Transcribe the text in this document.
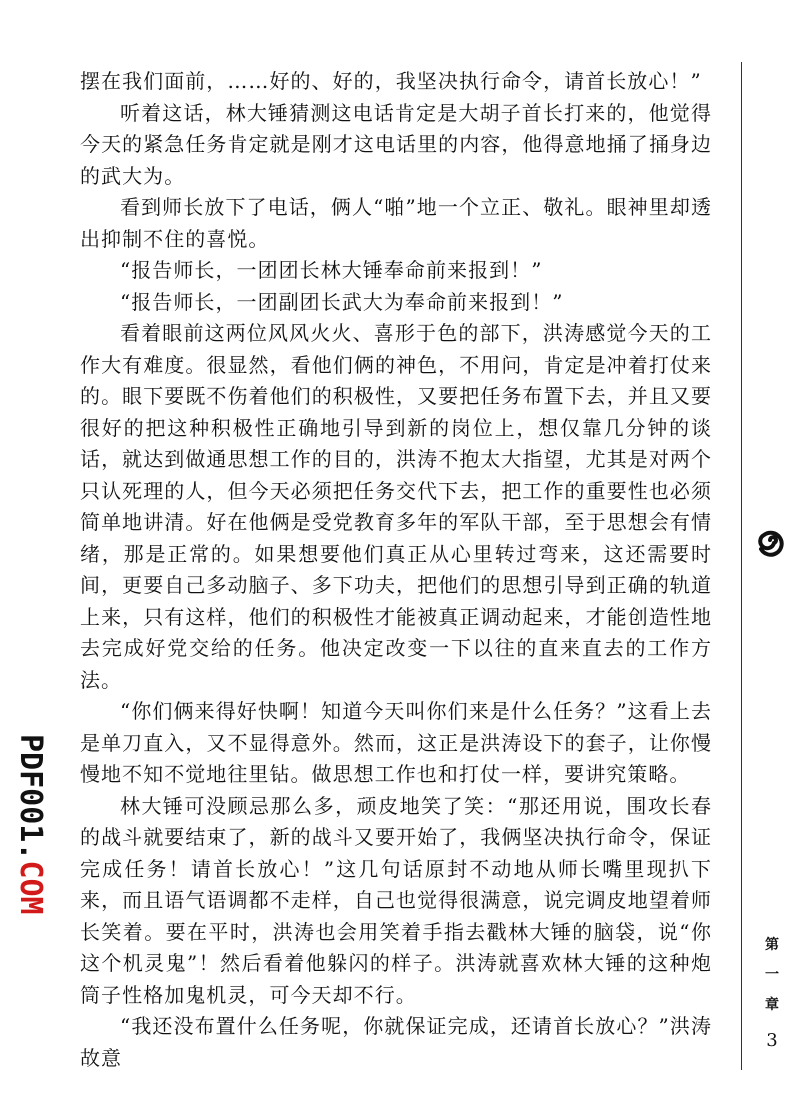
摆在我们面前，……好的、好的，我坚决执行命令，请首长放心！”

听着这话，林大锤猜测这电话肯定是大胡子首长打来的，他觉得今天的紧急任务肯定就是刚才这电话里的内容，他得意地捅了捅身边的武大为。

看到师长放下了电话，俩人“啪”地一个立正、敬礼。眼神里却透出抑制不住的喜悦。

“报告师长，一团团长林大锤奉命前来报到！”

“报告师长，一团副团长武大为奉命前来报到！”

看着眼前这两位风风火火、喜形于色的部下，洪涛感觉今天的工作大有难度。很显然，看他们俩的神色，不用问，肯定是冲着打仗来的。眼下要既不伤着他们的积极性，又要把任务布置下去，并且又要很好的把这种积极性正确地引导到新的岗位上，想仅靠几分钟的谈话，就达到做通思想工作的目的，洪涛不抱太大指望，尤其是对两个只认死理的人，但今天必须把任务交代下去，把工作的重要性也必须简单地讲清。好在他俩是受党教育多年的军队干部，至于思想会有情绪，那是正常的。如果想要他们真正从心里转过弯来，这还需要时间，更要自己多动脑子、多下功夫，把他们的思想引导到正确的轨道上来，只有这样，他们的积极性才能被真正调动起来，才能创造性地去完成好党交给的任务。他决定改变一下以往的直来直去的工作方法。

“你们俩来得好快啊！知道今天叫你们来是什么任务？”这看上去是单刀直入，又不显得意外。然而，这正是洪涛设下的套子，让你慢慢地不知不觉地往里钻。做思想工作也和打仗一样，要讲究策略。

林大锤可没顾忌那么多，顽皮地笑了笑：“那还用说，围攻长春的战斗就要结束了，新的战斗又要开始了，我俩坚决执行命令，保证完成任务！请首长放心！”这几句话原封不动地从师长嘴里现扒下来，而且语气语调都不走样，自己也觉得很满意，说完调皮地望着师长笑着。要在平时，洪涛也会用笑着手指去戳林大锤的脑袋，说“你这个机灵鬼”！然后看着他躲闪的样子。洪涛就喜欢林大锤的这种炮筒子性格加鬼机灵，可今天却不行。

“我还没布置什么任务呢，你就保证完成，还请首长放心？”洪涛故意

第
一
章
3
PDF001.COM
